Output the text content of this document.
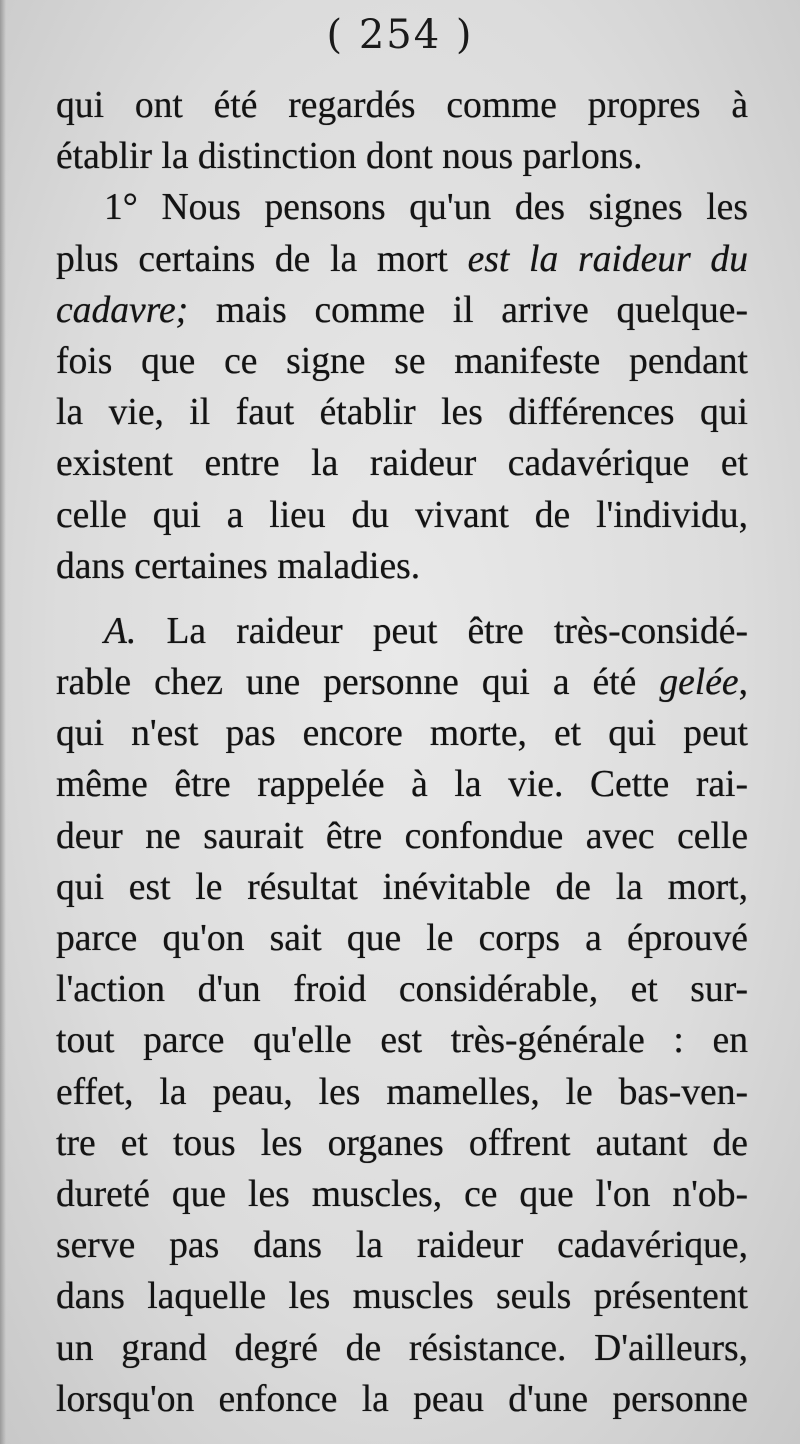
( 254 )
qui ont été regardés comme propres à
établir la distinction dont nous parlons.
1° Nous pensons qu'un des signes les
plus certains de la mort est la raideur du
cadavre; mais comme il arrive quelque-
fois que ce signe se manifeste pendant
la vie, il faut établir les différences qui
existent entre la raideur cadavérique et
celle qui a lieu du vivant de l'individu,
dans certaines maladies.
A. La raideur peut être très-considé-
rable chez une personne qui a été gelée,
qui n'est pas encore morte, et qui peut
même être rappelée à la vie. Cette rai-
deur ne saurait être confondue avec celle
qui est le résultat inévitable de la mort,
parce qu'on sait que le corps a éprouvé
l'action d'un froid considérable, et sur-
tout parce qu'elle est très-générale : en
effet, la peau, les mamelles, le bas-ven-
tre et tous les organes offrent autant de
dureté que les muscles, ce que l'on n'ob-
serve pas dans la raideur cadavérique,
dans laquelle les muscles seuls présentent
un grand degré de résistance. D'ailleurs,
lorsqu'on enfonce la peau d'une personne
